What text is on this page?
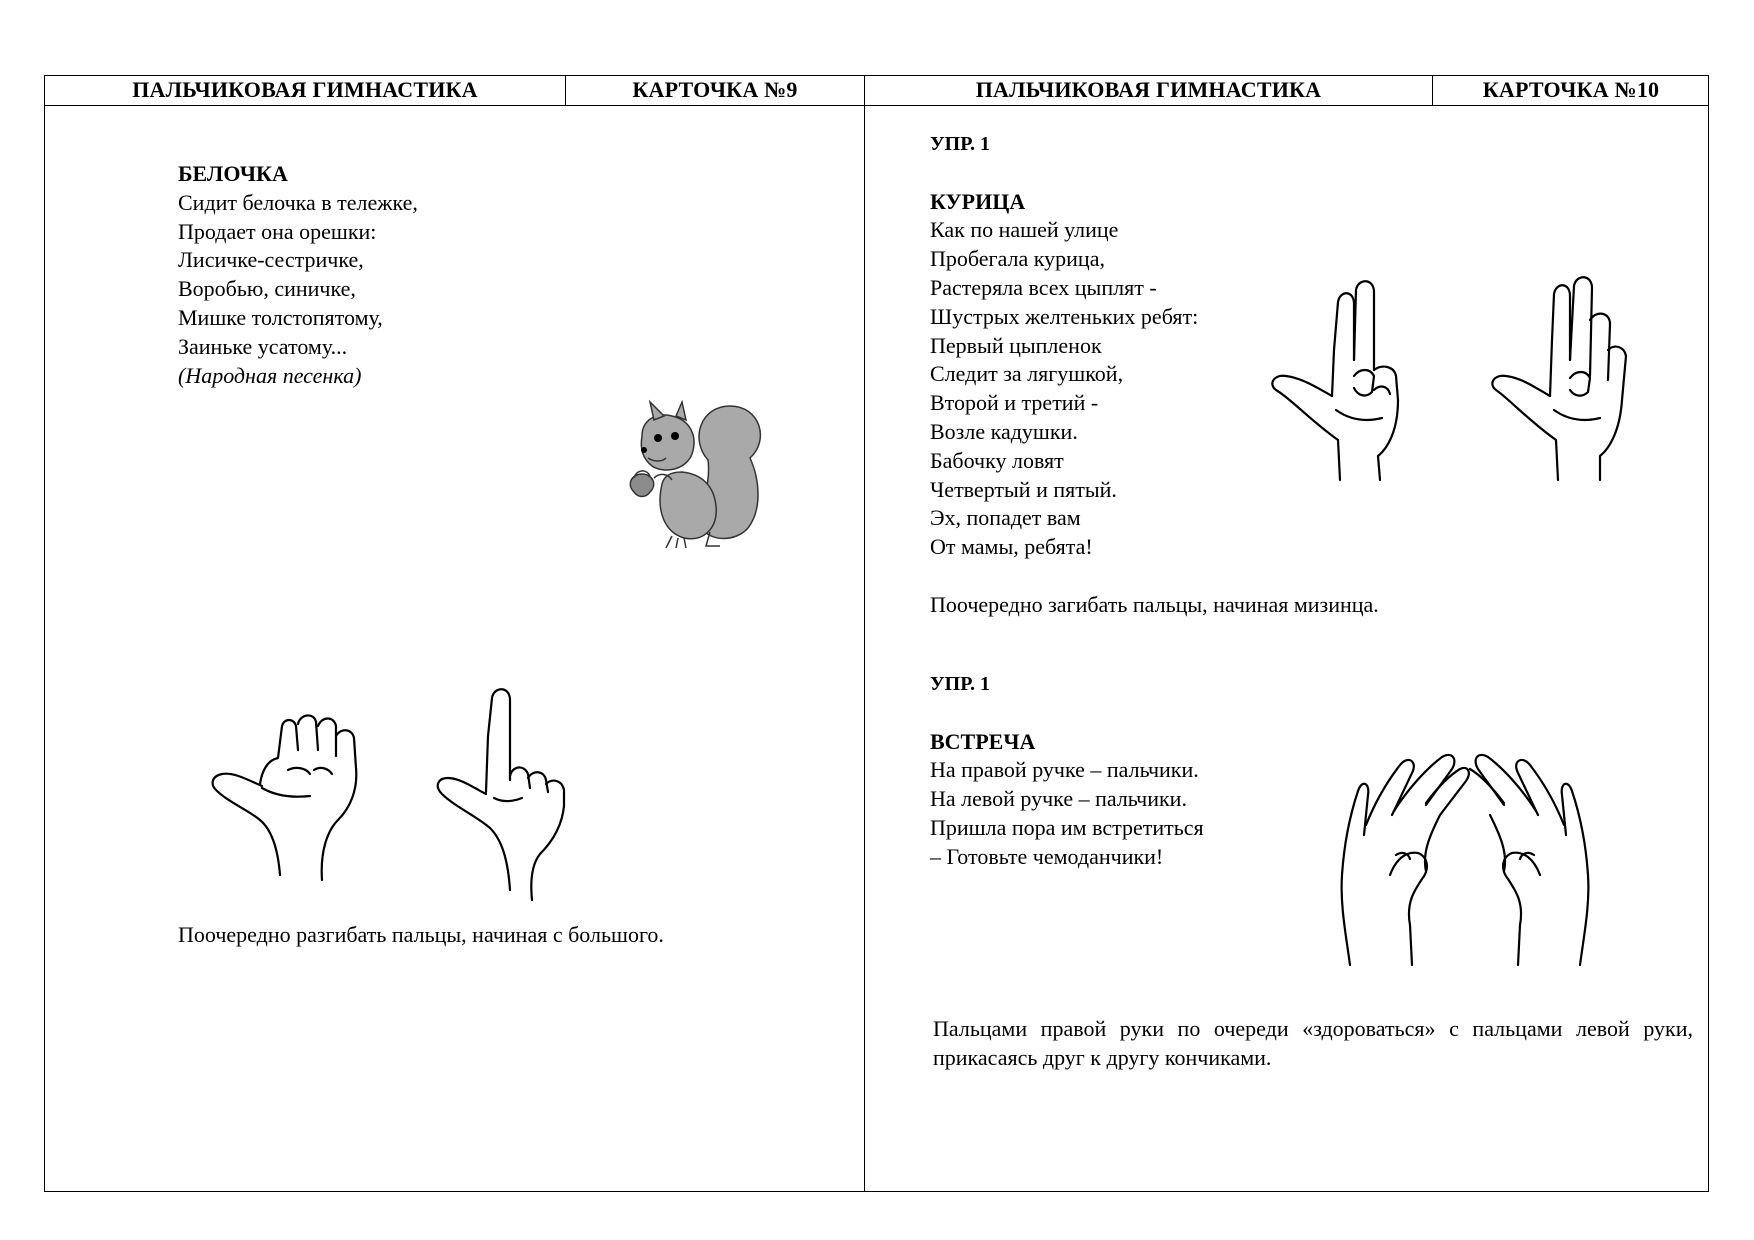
ПАЛЬЧИКОВАЯ ГИМНАСТИКА	КАРТОЧКА №9	ПАЛЬЧИКОВАЯ ГИМНАСТИКА	КАРТОЧКА №10
БЕЛОЧКА
Сидит белочка в тележке,
Продает она орешки:
Лисичке-сестричке,
Воробью, синичке,
Мишке толстопятому,
Заиньке усатому...
(Народная песенка)
Поочередно разгибать пальцы, начиная с большого.
УПР. 1
КУРИЦА
Как по нашей улице
Пробегала курица,
Растеряла всех цыплят -
Шустрых желтеньких ребят:
Первый цыпленок
Следит за лягушкой,
Второй и третий -
Возле кадушки.
Бабочку ловят
Четвертый и пятый.
Эх, попадет вам
От мамы, ребята!
Поочередно загибать пальцы, начиная мизинца.
УПР. 1
ВСТРЕЧА
На правой ручке – пальчики.
На левой ручке – пальчики.
Пришла пора им встретиться
– Готовьте чемоданчики!
Пальцами правой руки по очереди «здороваться» с пальцами левой руки, прикасаясь друг к другу кончиками.
